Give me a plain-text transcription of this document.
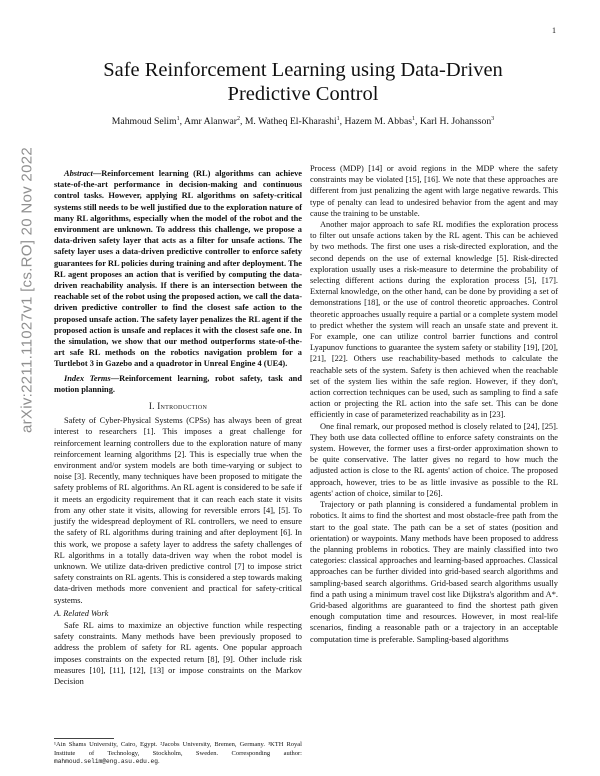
1
arXiv:2211.11027v1 [cs.RO] 20 Nov 2022
Safe Reinforcement Learning using Data-Driven
Predictive Control
Mahmoud Selim$^1$, Amr Alanwar$^2$, M. Watheq El-Kharashi$^1$, Hazem M. Abbas$^1$, Karl H. Johansson$^3$

Abstract—Reinforcement learning (RL) algorithms can achieve state-of-the-art performance in decision-making and continuous control tasks. However, applying RL algorithms on safety-critical systems still needs to be well justified due to the exploration nature of many RL algorithms, especially when the model of the robot and the environment are unknown. To address this challenge, we propose a data-driven safety layer that acts as a filter for unsafe actions. The safety layer uses a data-driven predictive controller to enforce safety guarantees for RL policies during training and after deployment. The RL agent proposes an action that is verified by computing the data-driven reachability analysis. If there is an intersection between the reachable set of the robot using the proposed action, we call the data-driven predictive controller to find the closest safe action to the proposed unsafe action. The safety layer penalizes the RL agent if the proposed action is unsafe and replaces it with the closest safe one. In the simulation, we show that our method outperforms state-of-the-art safe RL methods on the robotics navigation problem for a Turtlebot 3 in Gazebo and a quadrotor in Unreal Engine 4 (UE4).

Index Terms—Reinforcement learning, robot safety, task and motion planning.

I. Introduction

Safety of Cyber-Physical Systems (CPSs) has always been of great interest to researchers [1]. This imposes a great challenge for reinforcement learning controllers due to the exploration nature of many reinforcement learning algorithms [2]. This is especially true when the environment and/or system models are both time-varying or subject to noise [3]. Recently, many techniques have been proposed to mitigate the safety problems of RL algorithms. An RL agent is considered to be safe if it meets an ergodicity requirement that it can reach each state it visits from any other state it visits, allowing for reversible errors [4], [5]. To justify the widespread deployment of RL controllers, we need to ensure the safety of RL algorithms during training and after deployment [6]. In this work, we propose a safety layer to address the safety challenges of RL algorithms in a totally data-driven way when the robot model is unknown. We utilize data-driven predictive control [7] to impose strict safety constraints on RL agents. This is considered a step towards making data-driven methods more convenient and practical for safety-critical systems.

A. Related Work

Safe RL aims to maximize an objective function while respecting safety constraints. Many methods have been previously proposed to address the problem of safety for RL agents. One popular approach imposes constraints on the expected return [8], [9]. Other include risk measures [10], [11], [12], [13] or impose constraints on the Markov Decision

¹Ain Shams University, Cairo, Egypt. ²Jacobs University, Bremen, Germany. ³KTH Royal Institute of Technology, Stockholm, Sweden. Corresponding author: mahmoud.selim@eng.asu.edu.eg.

Process (MDP) [14] or avoid regions in the MDP where the safety constraints may be violated [15], [16]. We note that these approaches are different from just penalizing the agent with large negative rewards. This type of penalty can lead to undesired behavior from the agent and may cause the training to be unstable.

Another major approach to safe RL modifies the exploration process to filter out unsafe actions taken by the RL agent. This can be achieved by two methods. The first one uses a risk-directed exploration, and the second depends on the use of external knowledge [5]. Risk-directed exploration usually uses a risk-measure to determine the probability of selecting different actions during the exploration process [5], [17]. External knowledge, on the other hand, can be done by providing a set of demonstrations [18], or the use of control theoretic approaches. Control theoretic approaches usually require a partial or a complete system model to predict whether the system will reach an unsafe state and prevent it. For example, one can utilize control barrier functions and control Lyapunov functions to guarantee the system safety or stability [19], [20], [21], [22]. Others use reachability-based methods to calculate the reachable sets of the system. Safety is then achieved when the reachable set of the system lies within the safe region. However, if they don't, action correction techniques can be used, such as sampling to find a safe action or projecting the RL action into the safe set. This can be done efficiently in case of parameterized reachability as in [23].

One final remark, our proposed method is closely related to [24], [25]. They both use data collected offline to enforce safety constraints on the system. However, the former uses a first-order approximation shown to be quite conservative. The latter gives no regard to how much the adjusted action is close to the RL agents' action of choice. The proposed approach, however, tries to be as little invasive as possible to the RL agents' action of choice, similar to [26].

Trajectory or path planning is considered a fundamental problem in robotics. It aims to find the shortest and most obstacle-free path from the start to the goal state. The path can be a set of states (position and orientation) or waypoints. Many methods have been proposed to address the planning problems in robotics. They are mainly classified into two categories: classical approaches and learning-based approaches. Classical approaches can be further divided into grid-based search algorithms and sampling-based search algorithms. Grid-based search algorithms usually find a path using a minimum travel cost like Dijkstra's algorithm and A*. Grid-based algorithms are guaranteed to find the shortest path given enough computation time and resources. However, in most real-life scenarios, finding a reasonable path or a trajectory in an acceptable computation time is preferable. Sampling-based algorithms
